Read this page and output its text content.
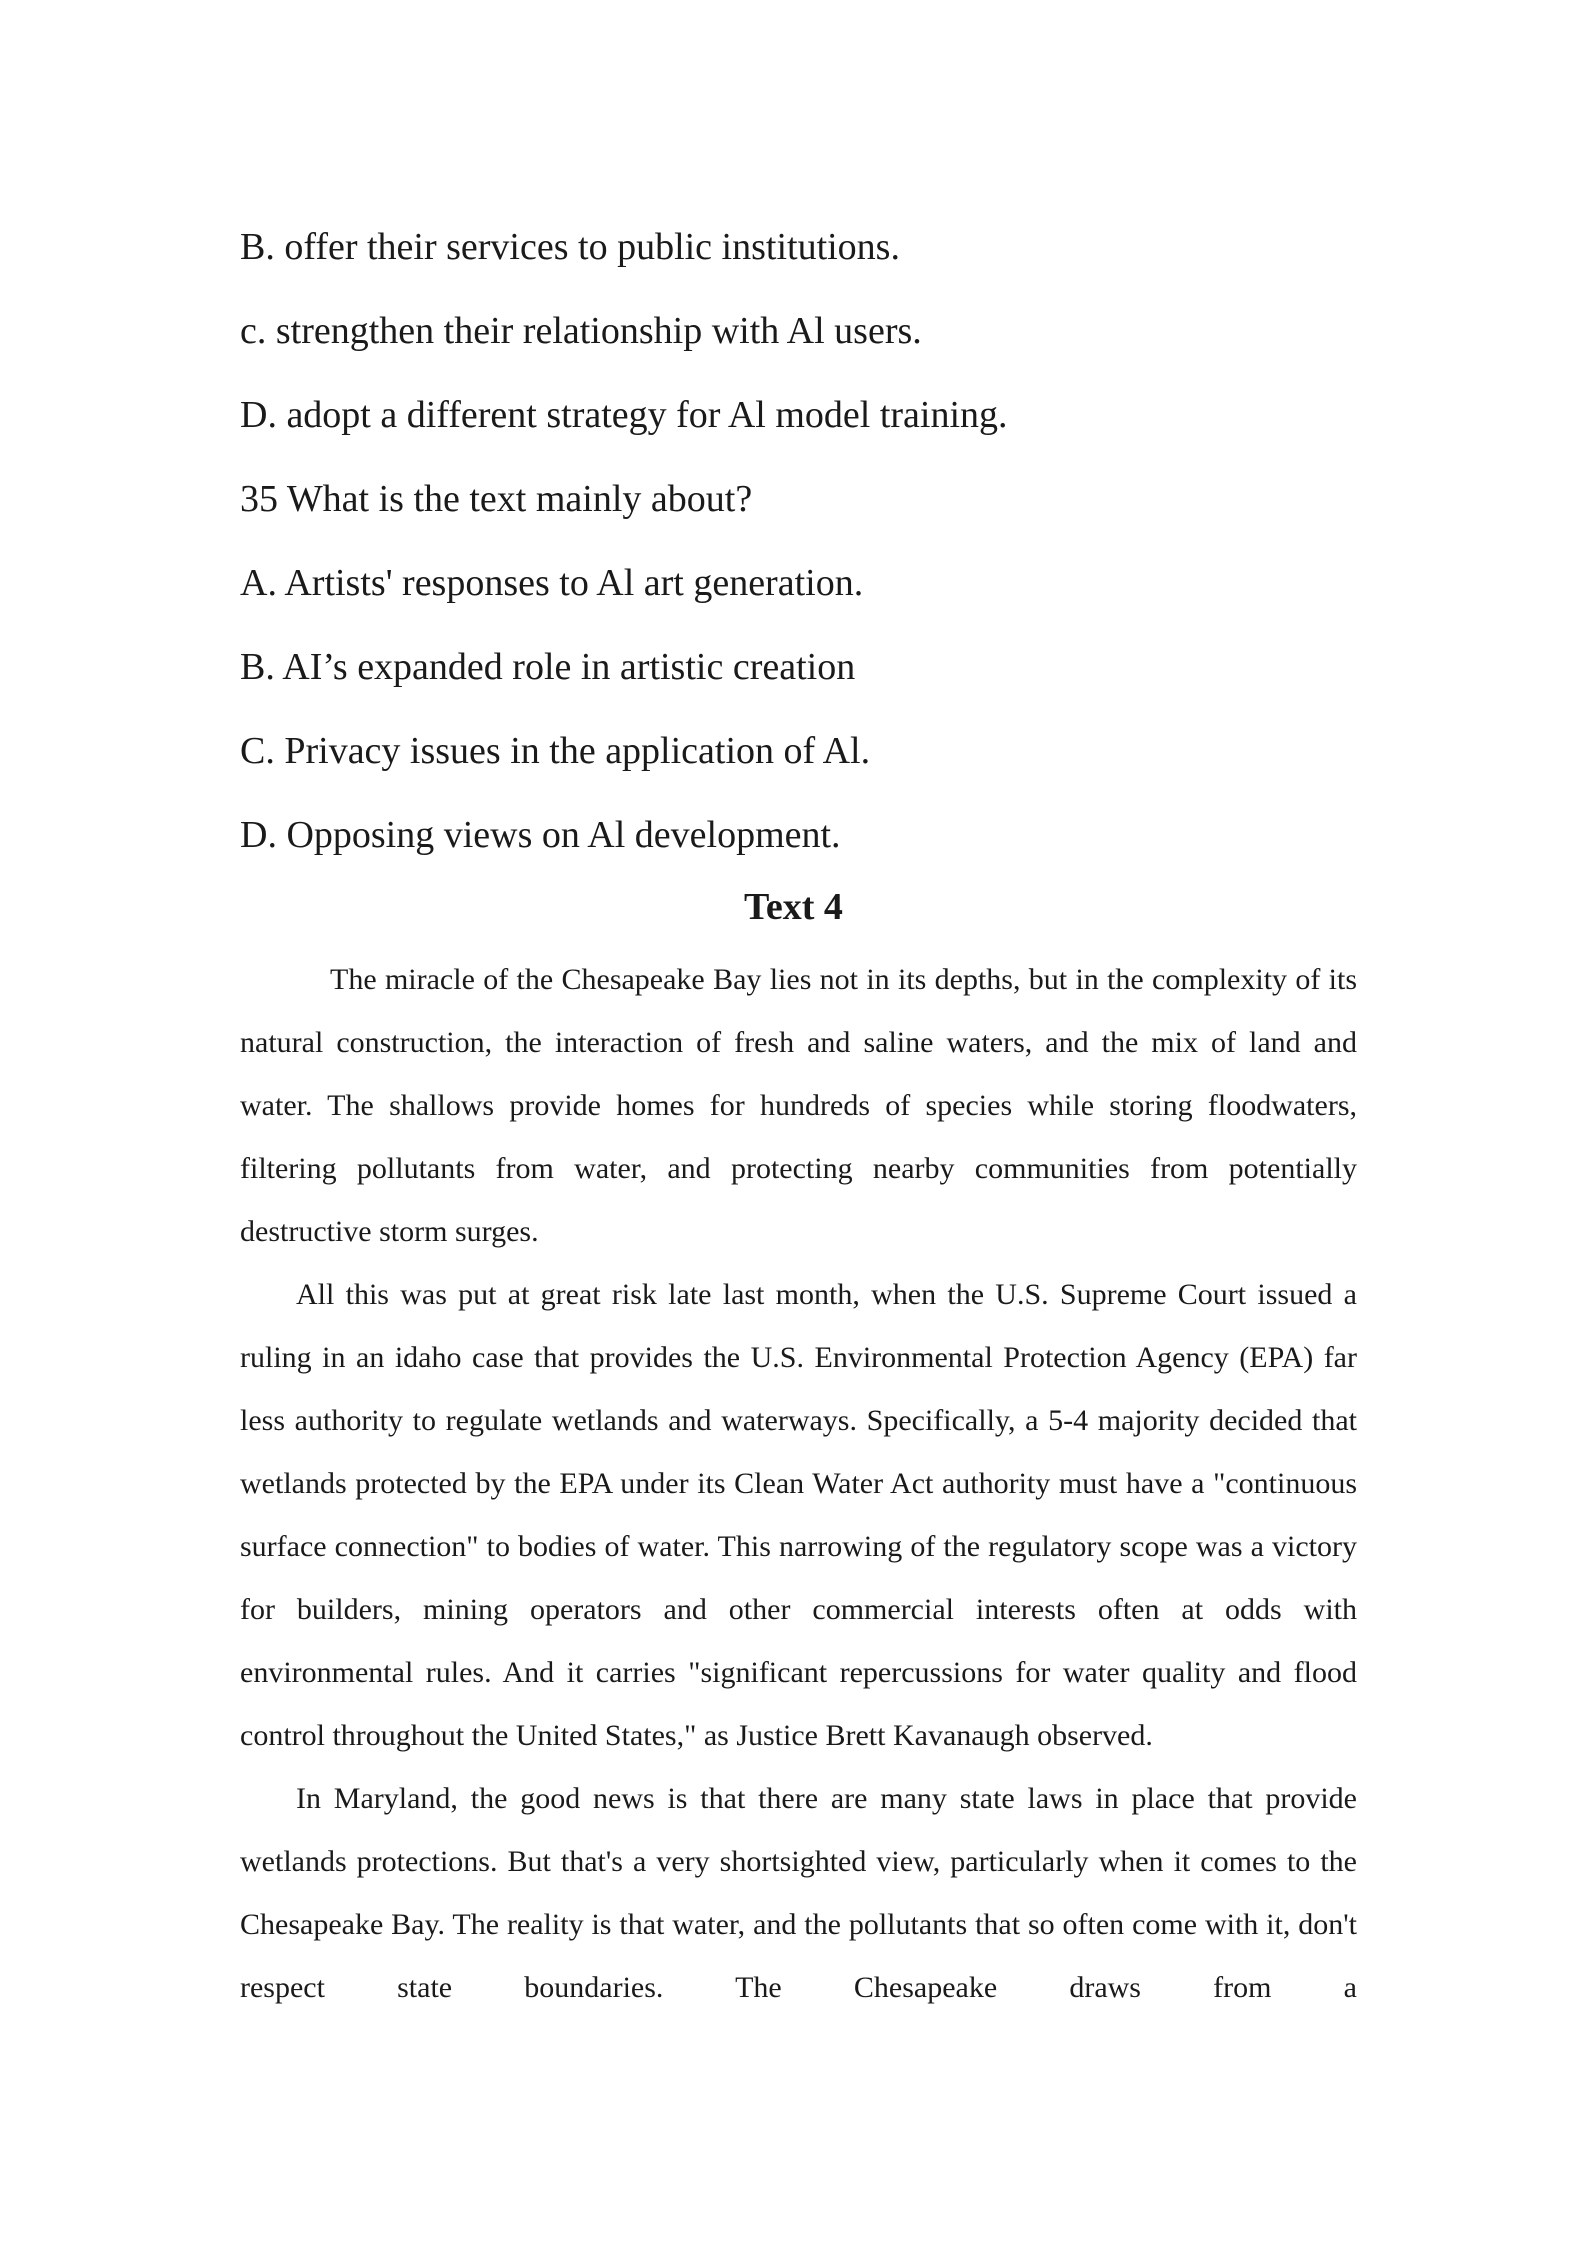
B. offer their services to public institutions.
c. strengthen their relationship with Al users.
D. adopt a different strategy for Al model training.
35 What is the text mainly about?
A. Artists' responses to Al art generation.
B. AI’s expanded role in artistic creation
C. Privacy issues in the application of Al.
D. Opposing views on Al development.
Text 4

The miracle of the Chesapeake Bay lies not in its depths, but in the complexity of its natural construction, the interaction of fresh and saline waters, and the mix of land and water. The shallows provide homes for hundreds of species while storing floodwaters, filtering pollutants from water, and protecting nearby communities from potentially destructive storm surges.

All this was put at great risk late last month, when the U.S. Supreme Court issued a ruling in an idaho case that provides the U.S. Environmental Protection Agency (EPA) far less authority to regulate wetlands and waterways. Specifically, a 5-4 majority decided that wetlands protected by the EPA under its Clean Water Act authority must have a "continuous surface connection" to bodies of water. This narrowing of the regulatory scope was a victory for builders, mining operators and other commercial interests often at odds with environmental rules. And it carries "significant repercussions for water quality and flood control throughout the United States," as Justice Brett Kavanaugh observed.

In Maryland, the good news is that there are many state laws in place that provide wetlands protections. But that's a very shortsighted view, particularly when it comes to the Chesapeake Bay. The reality is that water, and the pollutants that so often come with it, don't respect state boundaries. The Chesapeake draws from a
